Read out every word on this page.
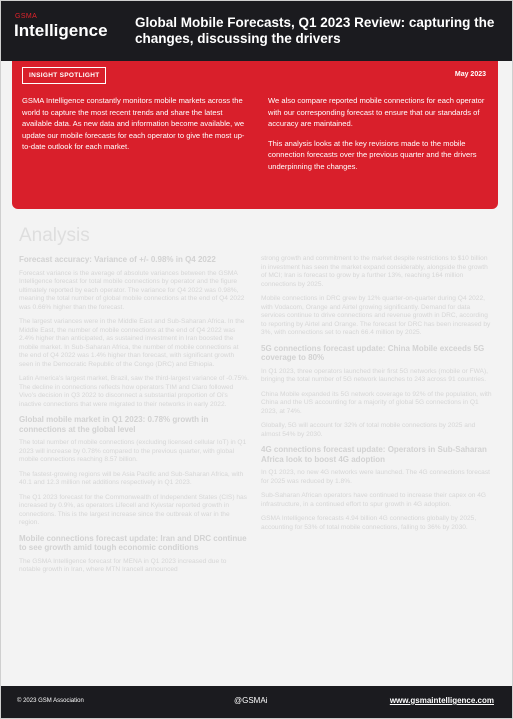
GSMA
Intelligence Global Mobile Forecasts, Q1 2023 Review: capturing the changes, discussing the drivers
INSIGHT SPOTLIGHT	May 2023

GSMA Intelligence constantly monitors mobile markets across the world to capture the most recent trends and share the latest available data. As new data and information become available, we update our mobile forecasts for each operator to give the most up-to-date outlook for each market.

We also compare reported mobile connections for each operator with our corresponding forecast to ensure that our standards of accuracy are maintained.

This analysis looks at the key revisions made to the mobile connection forecasts over the previous quarter and the drivers underpinning the changes.

Analysis
Forecast accuracy: Variance of +/- 0.98% in Q4 2022

Forecast variance is the average of absolute variances between the GSMA Intelligence forecast for total mobile connections by operator and the figure ultimately reported by each operator. The variance for Q4 2022 was 0.98%, meaning the total number of global mobile connections at the end of Q4 2022 was 0.66% higher than the forecast.

The largest variances were in the Middle East and Sub-Saharan Africa. In the Middle East, the number of mobile connections at the end of Q4 2022 was 2.4% higher than anticipated, as sustained investment in Iran boosted the mobile market. In Sub-Saharan Africa, the number of mobile connections at the end of Q4 2022 was 1.4% higher than forecast, with significant growth seen in the Democratic Republic of the Congo (DRC) and Ethiopia.

Latin America's largest market, Brazil, saw the third-largest variance of -0.75%. The decline in connections reflects how operators TIM and Claro followed Vivo's decision in Q3 2022 to disconnect a substantial proportion of Oi's inactive connections that were migrated to their networks in early 2022.

Global mobile market in Q1 2023: 0.78% growth in connections at the global level

The total number of mobile connections (excluding licensed cellular IoT) in Q1 2023 will increase by 0.78% compared to the previous quarter, with global mobile connections reaching 8.57 billion.

The fastest-growing regions will be Asia Pacific and Sub-Saharan Africa, with 40.1 and 12.3 million net additions respectively in Q1 2023.

The Q1 2023 forecast for the Commonwealth of Independent States (CIS) has increased by 0.9%, as operators Lifecell and Kyivstar reported growth in connections. This is the largest increase since the outbreak of war in the region.

Mobile connections forecast update: Iran and DRC continue to see growth amid tough economic conditions

The GSMA Intelligence forecast for MENA in Q1 2023 increased due to notable growth in Iran, where MTN Irancell announced

strong growth and commitment to the market despite restrictions to $10 billion in investment has seen the market expand considerably, alongside the growth of MCI; Iran is forecast to grow by a further 13%, reaching 164 million connections by 2025.

Mobile connections in DRC grew by 12% quarter-on-quarter during Q4 2022, with Vodacom, Orange and Airtel growing significantly. Demand for data services continue to drive connections and revenue growth in DRC, according to reporting by Airtel and Orange. The forecast for DRC has been increased by 3%, with connections set to reach 66.4 million by 2025.

5G connections forecast update: China Mobile exceeds 5G coverage to 80%

In Q1 2023, three operators launched their first 5G networks (mobile or FWA), bringing the total number of 5G network launches to 243 across 91 countries.

China Mobile expanded its 5G network coverage to 92% of the population, with China and the US accounting for a majority of global 5G connections in Q1 2023, at 74%.

Globally, 5G will account for 32% of total mobile connections by 2025 and almost 54% by 2030.

4G connections forecast update: Operators in Sub-Saharan Africa look to boost 4G adoption

In Q1 2023, no new 4G networks were launched. The 4G connections forecast for 2025 was reduced by 1.8%.

Sub-Saharan African operators have continued to increase their capex on 4G infrastructure, in a continued effort to spur growth in 4G adoption.

GSMA Intelligence forecasts 4.94 billion 4G connections globally by 2025, accounting for 53% of total mobile connections, falling to 36% by 2030.

© 2023 GSM Association	@GSMAi	www.gsmaintelligence.com
